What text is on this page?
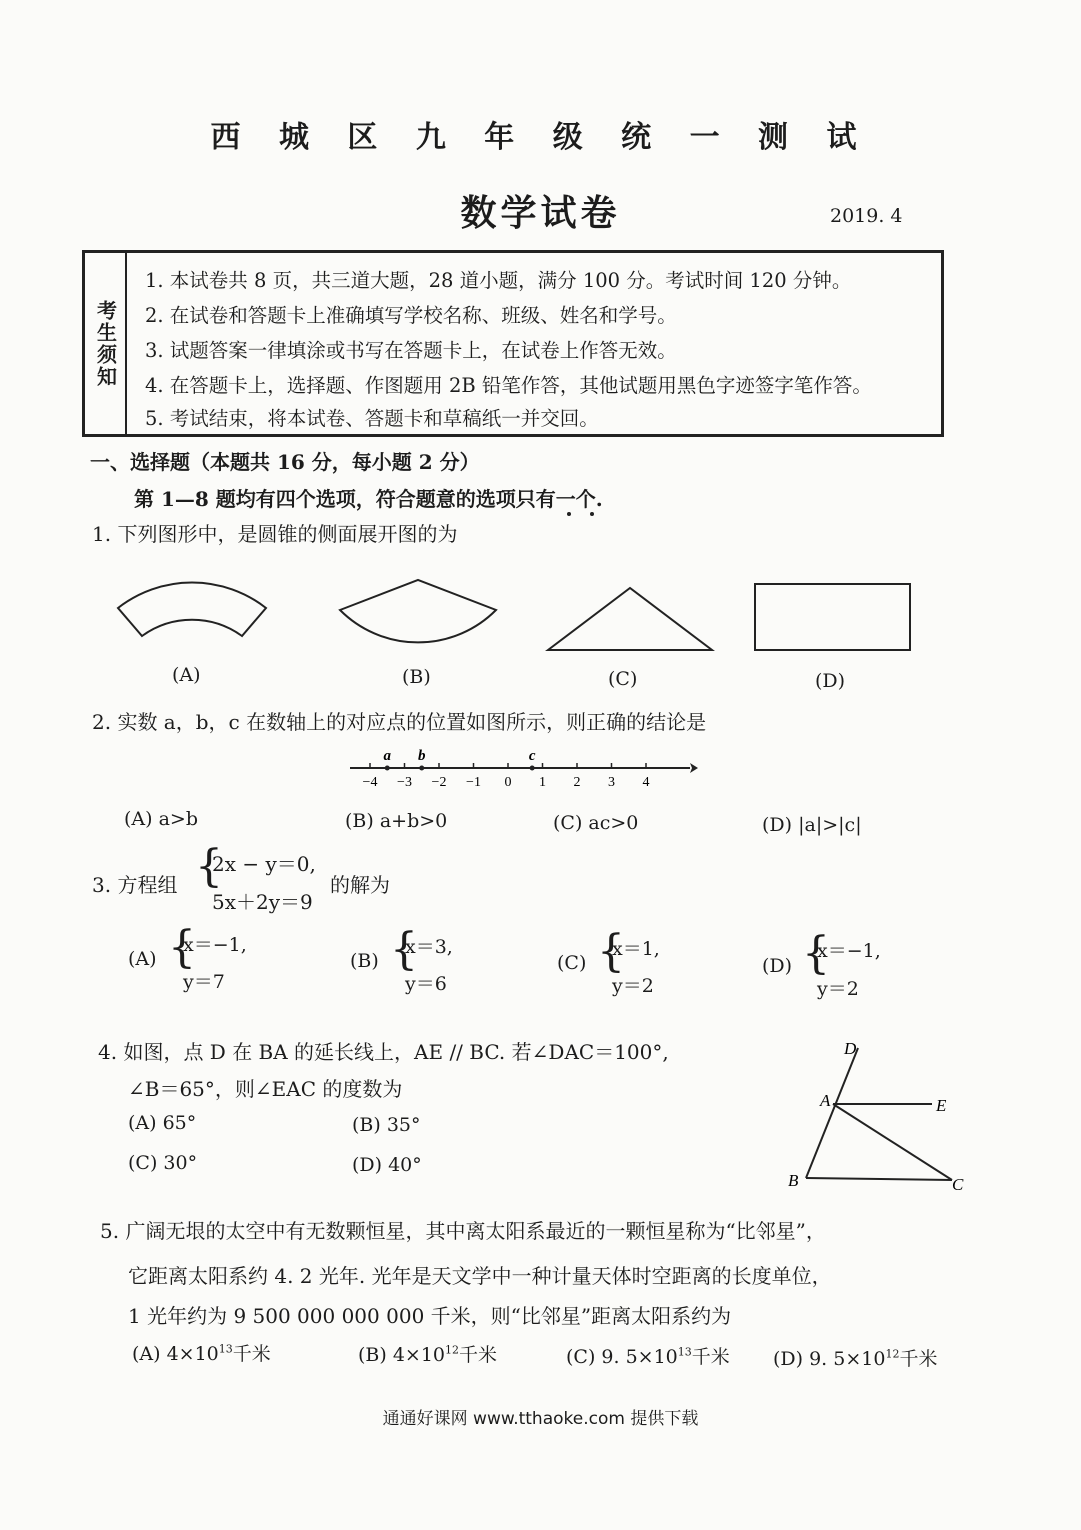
西 城 区 九 年 级 统 一 测 试
数学试卷	2019. 4
考生须知
1. 本试卷共 8 页，共三道大题，28 道小题，满分 100 分。考试时间 120 分钟。
2. 在试卷和答题卡上准确填写学校名称、班级、姓名和学号。
3. 试题答案一律填涂或书写在答题卡上，在试卷上作答无效。
4. 在答题卡上，选择题、作图题用 2B 铅笔作答，其他试题用黑色字迹签字笔作答。
5. 考试结束，将本试卷、答题卡和草稿纸一并交回。
一、选择题（本题共 16 分，每小题 2 分）
第 1—8 题均有四个选项，符合题意的选项只有一个.
1. 下列图形中，是圆锥的侧面展开图的为
(A)	(B)	(C)	(D)
2. 实数 a，b，c 在数轴上的对应点的位置如图所示，则正确的结论是
−4 −3 −2 −1 0 1 2 3 4
a b	c
(A) a>b	(B) a+b>0	(C) ac>0	(D) |a|>|c|
3. 方程组 {
2x − y＝0,
5x＋2y＝9
的解为
(A) {
x＝−1,
y＝7
(B) {
x＝3,
y＝6
(C) {
x＝1,
y＝2
(D) {
x＝−1,
y＝2
4. 如图，点 D 在 BA 的延长线上，AE // BC. 若∠DAC＝100°,
∠B＝65°，则∠EAC 的度数为
(A) 65°	(B) 35°
(C) 30°	(D) 40°
D
A	E
B	C
5. 广阔无垠的太空中有无数颗恒星，其中离太阳系最近的一颗恒星称为“比邻星”，
它距离太阳系约 4. 2 光年. 光年是天文学中一种计量天体时空距离的长度单位，
1 光年约为 9 500 000 000 000 千米，则“比邻星”距离太阳系约为
(A) $4\times 10^{13}$千米	(B) $4\times 10^{12}$千米	(C) 9. $5\times 10^{13}$千米 (D) 9. $5\times 10^{12}$千米
通通好课网 www.tthaoke.com 提供下载
